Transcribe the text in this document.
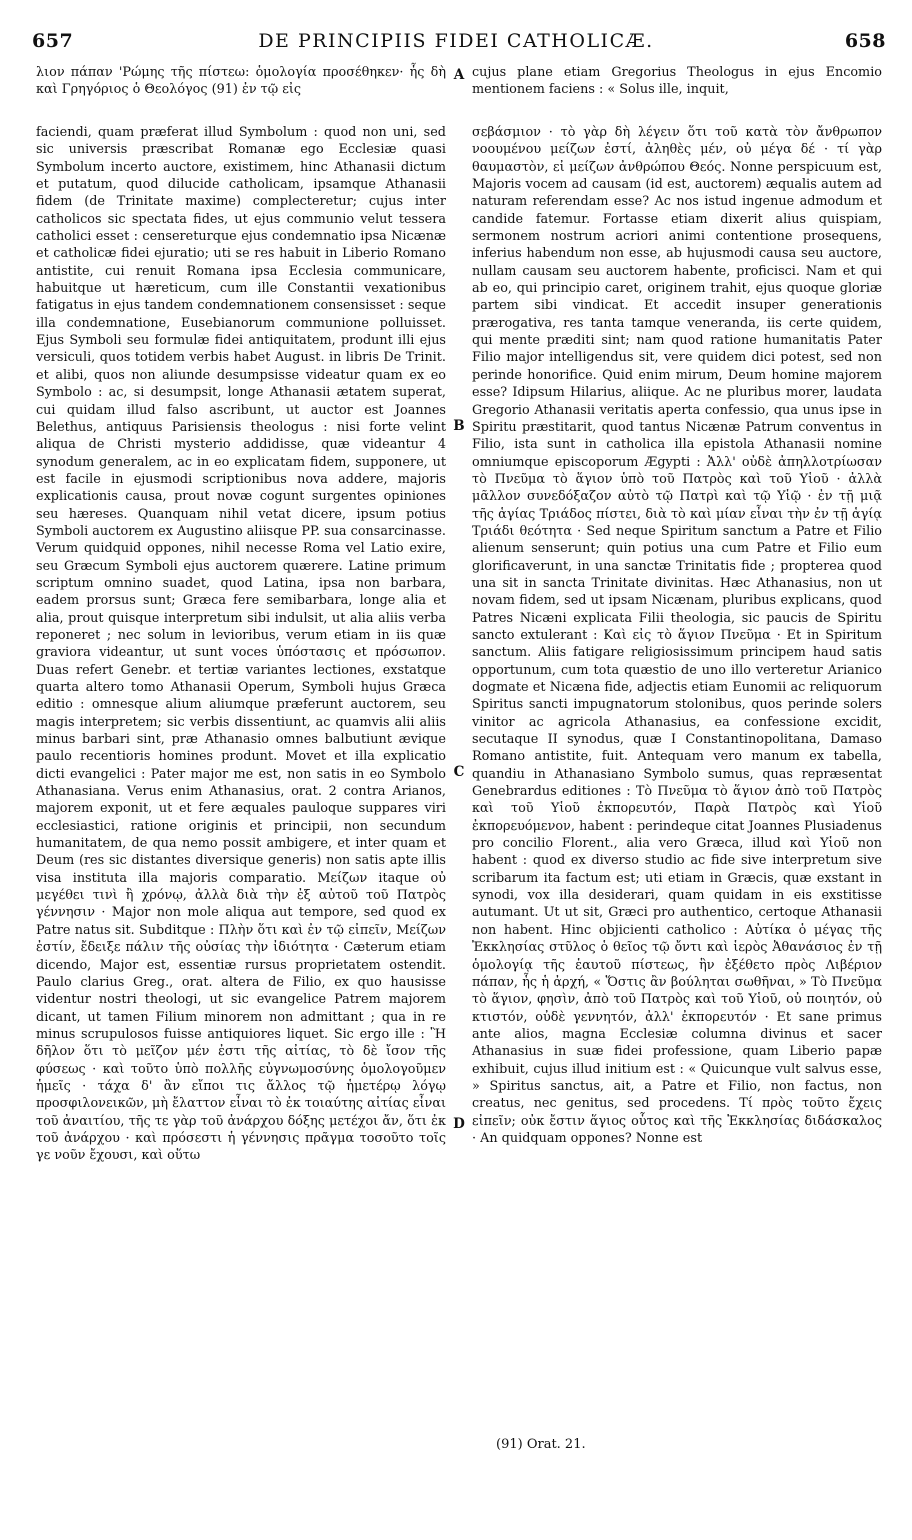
657	DE PRINCIPIIS FIDEI CATHOLICÆ.	658

λιον πάπαν 'Ρώμης τῆς πίστεω: ὁμολογία προσέθηκεν· ἧς δὴ καὶ Γρηγόριος ὁ Θεολόγος (91) ἐν τῷ εἰς

cujus plane etiam Gregorius Theologus in ejus Encomio mentionem faciens : « Solus ille, inquit,

A
B
C
D

faciendi, quam præferat illud Symbolum : quod non uni, sed sic universis præscribat Romanæ ego Ecclesiæ quasi Symbolum incerto auctore, existimem, hinc Athanasii dictum et putatum, quod dilucide catholicam, ipsamque Athanasii fidem (de Trinitate maxime) complecteretur; cujus inter catholicos sic spectata fides, ut ejus communio velut tessera catholici esset : censereturque ejus condemnatio ipsa Nicænæ et catholicæ fidei ejuratio; uti se res habuit in Liberio Romano antistite, cui renuit Romana ipsa Ecclesia communicare, habuitque ut hæreticum, cum ille Constantii vexationibus fatigatus in ejus tandem condemnationem consensisset : seque illa condemnatione, Eusebianorum communione polluisset. Ejus Symboli seu formulæ fidei antiquitatem, produnt illi ejus versiculi, quos totidem verbis habet August. in libris De Trinit. et alibi, quos non aliunde desumpsisse videatur quam ex eo Symbolo : ac, si desumpsit, longe Athanasii ætatem superat, cui quidam illud falso ascribunt, ut auctor est Joannes Belethus, antiquus Parisiensis theologus : nisi forte velint aliqua de Christi mysterio addidisse, quæ videantur 4 synodum generalem, ac in eo explicatam fidem, supponere, ut est facile in ejusmodi scriptionibus nova addere, majoris explicationis causa, prout novæ cogunt surgentes opiniones seu hæreses. Quanquam nihil vetat dicere, ipsum potius Symboli auctorem ex Augustino aliisque PP. sua consarcinasse. Verum quidquid oppones, nihil necesse Roma vel Latio exire, seu Græcum Symboli ejus auctorem quærere. Latine primum scriptum omnino suadet, quod Latina, ipsa non barbara, eadem prorsus sunt; Græca fere semibarbara, longe alia et alia, prout quisque interpretum sibi indulsit, ut alia aliis verba reponeret ; nec solum in levioribus, verum etiam in iis quæ graviora videantur, ut sunt voces ὑπόστασις et πρόσωπον. Duas refert Genebr. et tertiæ variantes lectiones, exstatque quarta altero tomo Athanasii Operum, Symboli hujus Græca editio : omnesque alium aliumque præferunt auctorem, seu magis interpretem; sic verbis dissentiunt, ac quamvis alii aliis minus barbari sint, præ Athanasio omnes balbutiunt ævique paulo recentioris homines produnt. Movet et illa explicatio dicti evangelici : Pater major me est, non satis in eo Symbolo Athanasiana. Verus enim Athanasius, orat. 2 contra Arianos, majorem exponit, ut et fere æquales pauloque suppares viri ecclesiastici, ratione originis et principii, non secundum humanitatem, de qua nemo possit ambigere, et inter quam et Deum (res sic distantes diversique generis) non satis apte illis visa instituta illa majoris comparatio. Μείζων itaque οὐ μεγέθει τινὶ ἢ χρόνῳ, ἀλλὰ διὰ τὴν ἐξ αὐτοῦ τοῦ Πατρὸς γέννησιν · Major non mole aliqua aut tempore, sed quod ex Patre natus sit. Subditque : Πλὴν ὅτι καὶ ἐν τῷ εἰπεῖν, Μείζων ἐστίν, ἔδειξε πάλιν τῆς οὐσίας τὴν ἰδιότητα · Cæterum etiam dicendo, Major est, essentiæ rursus proprietatem ostendit. Paulo clarius Greg., orat. altera de Filio, ex quo hausisse videntur nostri theologi, ut sic evangelice Patrem majorem dicant, ut tamen Filium minorem non admittant ; qua in re minus scrupulosos fuisse antiquiores liquet. Sic ergo ille : Ἢ δῆλον ὅτι τὸ μεῖζον μέν ἐστι τῆς αἰτίας, τὸ δὲ ἴσον τῆς φύσεως · καὶ τοῦτο ὑπὸ πολλῆς εὐγνωμοσύνης ὁμολογοῦμεν ἡμεῖς · τάχα δ' ἂν εἴποι τις ἄλλος τῷ ἡμετέρῳ λόγῳ προσφιλονεικῶν, μὴ ἔλαττον εἶναι τὸ ἐκ τοιαύτης αἰτίας εἶναι τοῦ ἀναιτίου, τῆς τε γὰρ τοῦ ἀνάρχου δόξης μετέχοι ἄν, ὅτι ἐκ τοῦ ἀνάρχου · καὶ πρόσεστι ἡ γέννησις πρᾶγμα τοσοῦτο τοῖς γε νοῦν ἔχουσι, καὶ οὕτω

σεβάσμιον · τὸ γὰρ δὴ λέγειν ὅτι τοῦ κατὰ τὸν ἄνθρωπον νοουμένου μείζων ἐστί, ἀληθὲς μέν, οὐ μέγα δέ · τί γὰρ θαυμαστὸν, εἰ μείζων ἀνθρώπου Θεός. Nonne perspicuum est, Majoris vocem ad causam (id est, auctorem) æqualis autem ad naturam referendam esse? Ac nos istud ingenue admodum et candide fatemur. Fortasse etiam dixerit alius quispiam, sermonem nostrum acriori animi contentione prosequens, inferius habendum non esse, ab hujusmodi causa seu auctore, nullam causam seu auctorem habente, proficisci. Nam et qui ab eo, qui principio caret, originem trahit, ejus quoque gloriæ partem sibi vindicat. Et accedit insuper generationis prærogativa, res tanta tamque veneranda, iis certe quidem, qui mente præditi sint; nam quod ratione humanitatis Pater Filio major intelligendus sit, vere quidem dici potest, sed non perinde honorifice. Quid enim mirum, Deum homine majorem esse? Idipsum Hilarius, aliique. Ac ne pluribus morer, laudata Gregorio Athanasii veritatis aperta confessio, qua unus ipse in Spiritu præstitarit, quod tantus Nicænæ Patrum conventus in Filio, ista sunt in catholica illa epistola Athanasii nomine omniumque episcoporum Ægypti : Ἀλλ' οὐδὲ ἀπηλλοτρίωσαν τὸ Πνεῦμα τὸ ἅγιον ὑπὸ τοῦ Πατρὸς καὶ τοῦ Υἱοῦ · ἀλλὰ μᾶλλον συνεδόξαζον αὐτὸ τῷ Πατρὶ καὶ τῷ Υἱῷ · ἐν τῇ μιᾷ τῆς ἁγίας Τριάδος πίστει, διὰ τὸ καὶ μίαν εἶναι τὴν ἐν τῇ ἁγίᾳ Τριάδι θεότητα · Sed neque Spiritum sanctum a Patre et Filio alienum senserunt; quin potius una cum Patre et Filio eum glorificaverunt, in una sanctæ Trinitatis fide ; propterea quod una sit in sancta Trinitate divinitas. Hæc Athanasius, non ut novam fidem, sed ut ipsam Nicænam, pluribus explicans, quod Patres Nicæni explicata Filii theologia, sic paucis de Spiritu sancto extulerant : Καὶ εἰς τὸ ἅγιον Πνεῦμα · Et in Spiritum sanctum. Aliis fatigare religiosissimum principem haud satis opportunum, cum tota quæstio de uno illo verteretur Arianico dogmate et Nicæna fide, adjectis etiam Eunomii ac reliquorum Spiritus sancti impugnatorum stolonibus, quos perinde solers vinitor ac agricola Athanasius, ea confessione excidit, secutaque II synodus, quæ I Constantinopolitana, Damaso Romano antistite, fuit. Antequam vero manum ex tabella, quandiu in Athanasiano Symbolo sumus, quas repræsentat Genebrardus editiones : Τὸ Πνεῦμα τὸ ἅγιον ἀπὸ τοῦ Πατρὸς καὶ τοῦ Υἱοῦ ἐκπορευτόν, Παρὰ Πατρὸς καὶ Υἱοῦ ἐκπορευόμενον, habent : perindeque citat Joannes Plusiadenus pro concilio Florent., alia vero Græca, illud καὶ Υἱοῦ non habent : quod ex diverso studio ac fide sive interpretum sive scribarum ita factum est; uti etiam in Græcis, quæ exstant in synodi, vox illa desiderari, quam quidam in eis exstitisse autumant. Ut ut sit, Græci pro authentico, certoque Athanasii non habent. Hinc objicienti catholico : Αὐτίκα ὁ μέγας τῆς Ἐκκλησίας στῦλος ὁ θεῖος τῷ ὄντι καὶ ἱερὸς Ἀθανάσιος ἐν τῇ ὁμολογίᾳ τῆς ἑαυτοῦ πίστεως, ἣν ἐξέθετο πρὸς Λιβέριον πάπαν, ἧς ἡ ἀρχή, « Ὅστις ἂν βούληται σωθῆναι, » Τὸ Πνεῦμα τὸ ἅγιον, φησὶν, ἀπὸ τοῦ Πατρὸς καὶ τοῦ Υἱοῦ, οὐ ποιητόν, οὐ κτιστόν, οὐδὲ γεννητόν, ἀλλ' ἐκπορευτόν · Et sane primus ante alios, magna Ecclesiæ columna divinus et sacer Athanasius in suæ fidei professione, quam Liberio papæ exhibuit, cujus illud initium est : « Quicunque vult salvus esse, » Spiritus sanctus, ait, a Patre et Filio, non factus, non creatus, nec genitus, sed procedens. Τί πρὸς τοῦτο ἔχεις εἰπεῖν; οὐκ ἔστιν ἅγιος οὗτος καὶ τῆς Ἐκκλησίας διδάσκαλος · An quidquam oppones? Nonne est

(91) Orat. 21.
